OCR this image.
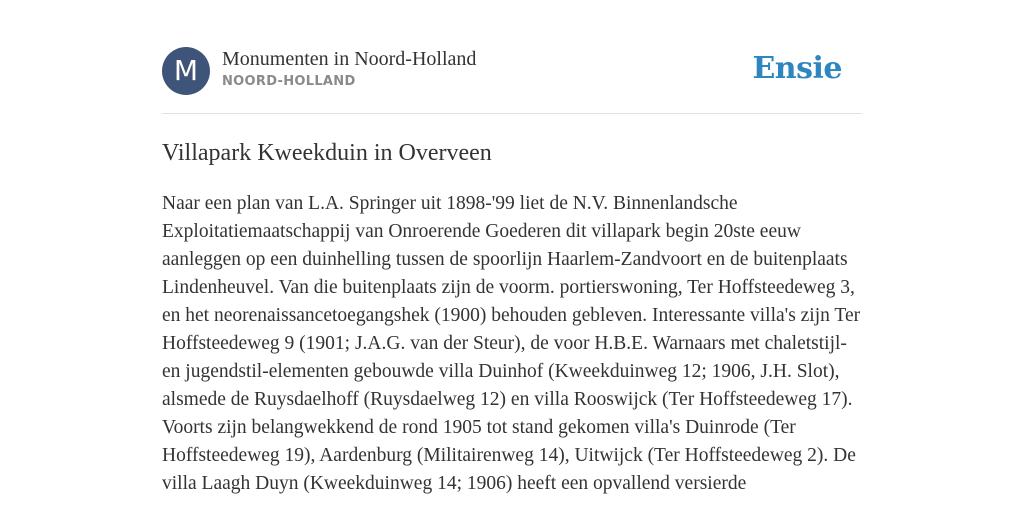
M	Monumenten in Noord-Holland
NOORD-HOLLAND	Ensie
Villapark Kweekduin in Overveen

Naar een plan van L.A. Springer uit 1898-'99 liet de N.V. Binnenlandsche Exploitatiemaatschappij van Onroerende Goederen dit villapark begin 20ste eeuw aanleggen op een duinhelling tussen de spoorlijn Haarlem-Zandvoort en de buitenplaats Lindenheuvel. Van die buitenplaats zijn de voorm. portierswoning, Ter Hoffsteedeweg 3, en het neorenaissancetoegangshek (1900) behouden gebleven. Interessante villa's zijn Ter Hoffsteedeweg 9 (1901; J.A.G. van der Steur), de voor H.B.E. Warnaars met chaletstijl- en jugendstil-elementen gebouwde villa Duinhof (Kweekduinweg 12; 1906, J.H. Slot), alsmede de Ruysdaelhoff (Ruysdaelweg 12) en villa Rooswijck (Ter Hoffsteedeweg 17). Voorts zijn belangwekkend de rond 1905 tot stand gekomen villa's Duinrode (Ter Hoffsteedeweg 19), Aardenburg (Militairenweg 14), Uitwijck (Ter Hoffsteedeweg 2). De villa Laagh Duyn (Kweekduinweg 14; 1906) heeft een opvallend versierde
